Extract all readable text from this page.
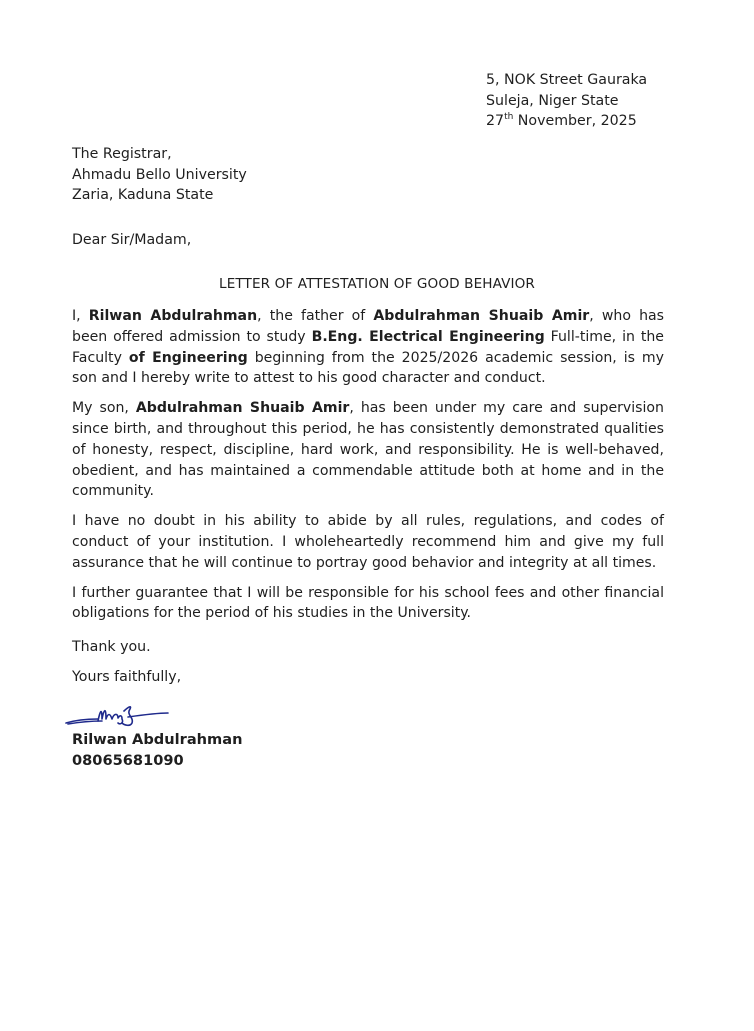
5, NOK Street Gauraka
Suleja, Niger State
27th November, 2025
The Registrar,
Ahmadu Bello University
Zaria, Kaduna State
Dear Sir/Madam,
LETTER OF ATTESTATION OF GOOD BEHAVIOR

I, Rilwan Abdulrahman, the father of Abdulrahman Shuaib Amir, who has been offered admission to study B.Eng. Electrical Engineering Full-time, in the Faculty of Engineering beginning from the 2025/2026 academic session, is my son and I hereby write to attest to his good character and conduct.

My son, Abdulrahman Shuaib Amir, has been under my care and supervision since birth, and throughout this period, he has consistently demonstrated qualities of honesty, respect, discipline, hard work, and responsibility. He is well-behaved, obedient, and has maintained a commendable attitude both at home and in the community.

I have no doubt in his ability to abide by all rules, regulations, and codes of conduct of your institution. I wholeheartedly recommend him and give my full assurance that he will continue to portray good behavior and integrity at all times.

I further guarantee that I will be responsible for his school fees and other financial obligations for the period of his studies in the University.

Thank you.
Yours faithfully,
Rilwan Abdulrahman
08065681090
